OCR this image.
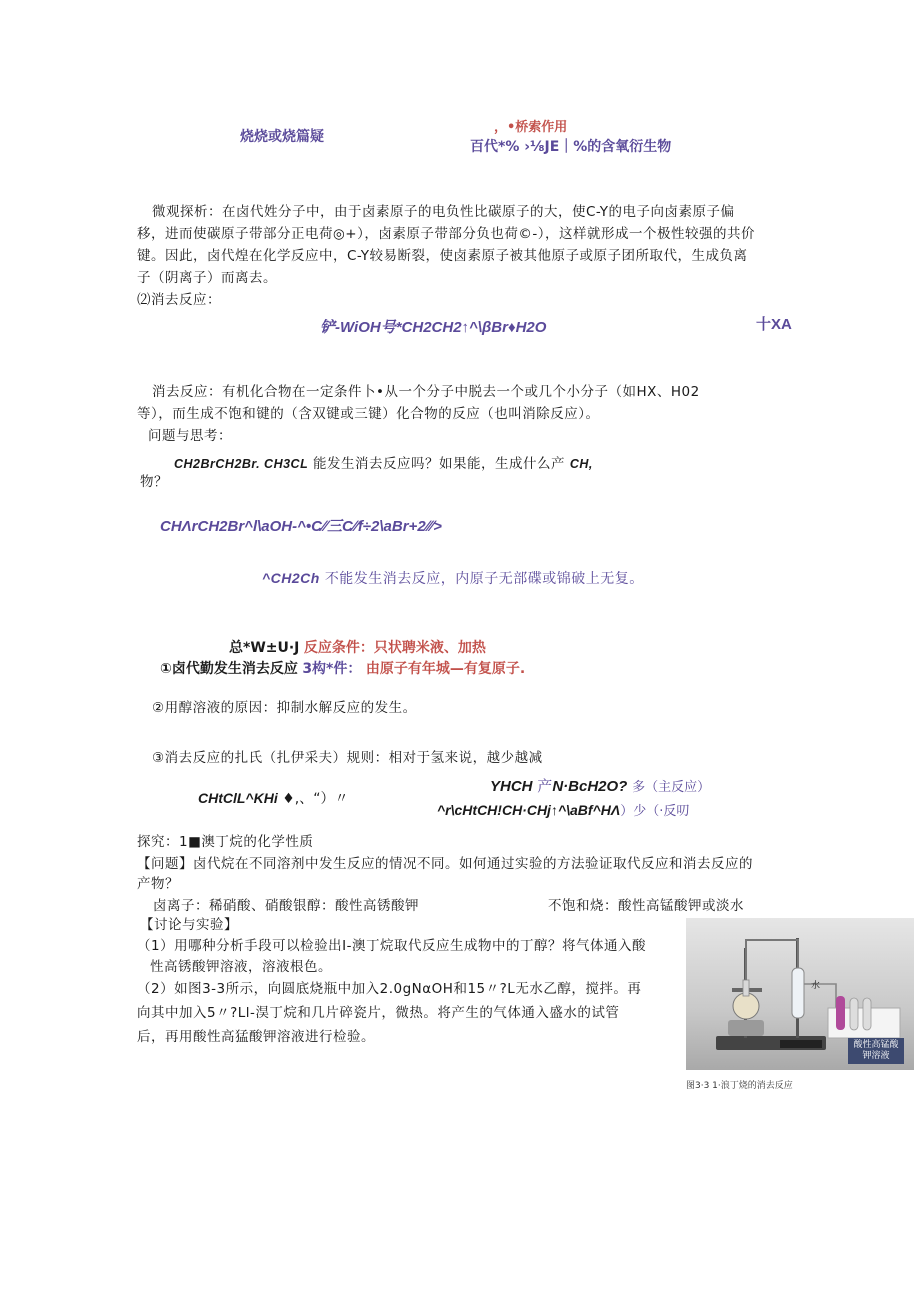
烧烧或烧篇疑
，•桥索作用
百代*% ›⅛JE｜%的含氧衍生物
微观探析：在卤代姓分子中，由于卤素原子的电负性比碳原子的大，使C-Y的电子向卤素原子偏
移，进而使碳原子带部分正电荷◎+），卤素原子带部分负也荷©-），这样就形成一个极性较强的共价
键。因此，卤代煌在化学反应中，C-Y较易断裂，使卤素原子被其他原子或原子团所取代，生成负离
子（阴离子）而离去。
⑵消去反应：
铲-WiOH号*CH2CH2↑^\βBr♦H2O	十XA
消去反应：有机化合物在一定条件卜•从一个分子中脱去一个或几个小分子（如HX、H02
等），而生成不饱和键的（含双键或三键）化合物的反应（也叫消除反应）。
问题与思考：
CH2BrCH2Br. CH3CL 能发生消去反应吗？如果能，生成什么产 CH,
物？
CHΛrCH2Br^l\aOH-^•C∕∕三C∕∕f÷2\aBr+2∕∕∕>
^CH2Ch 不能发生消去反应，内原子无部碟或锦破上无复。
总*W±U·J 反应条件：只状聘米液、加热
①卤代勤发生消去反应 3构*件： 由原子有年城—有复原子.
②用醇溶液的原因：抑制水解反应的发生。
③消去反应的扎氏（扎伊采夫）规则：相对于氢来说，越少越减
YHCH 产N·BcH2O? 多（主反应）
CHtClL^KHi ♦,、“）〃
^r\cHtCH!CH·CHj↑^\aBf^HΛ）少（·反叨
探究：1■澳丁烷的化学性质
【问题】卤代烷在不同溶剂中发生反应的情况不同。如何通过实验的方法验证取代反应和消去反应的
产物？
卤离子：稀硝酸、硝酸银醇：酸性高锈酸钾	不饱和烧：酸性高锰酸钾或淡水
【讨论与实验】
（1）用哪种分析手段可以检验出I-澳丁烷取代反应生成物中的丁醇？将气体通入酸
性高锈酸钾溶液，溶液根色。
（2）如图3-3所示，向圆底烧瓶中加入2.0gNαOH和15〃?L无水乙醇，搅拌。再
向其中加入5〃?Ll-淏丁烷和几片碎瓷片，微热。将产生的气体通入盛水的试管
后，再用酸性高猛酸钾溶液进行检验。
水
酸性高锰酸钾溶液
图3·3 1·浪丁烧的消去反应
